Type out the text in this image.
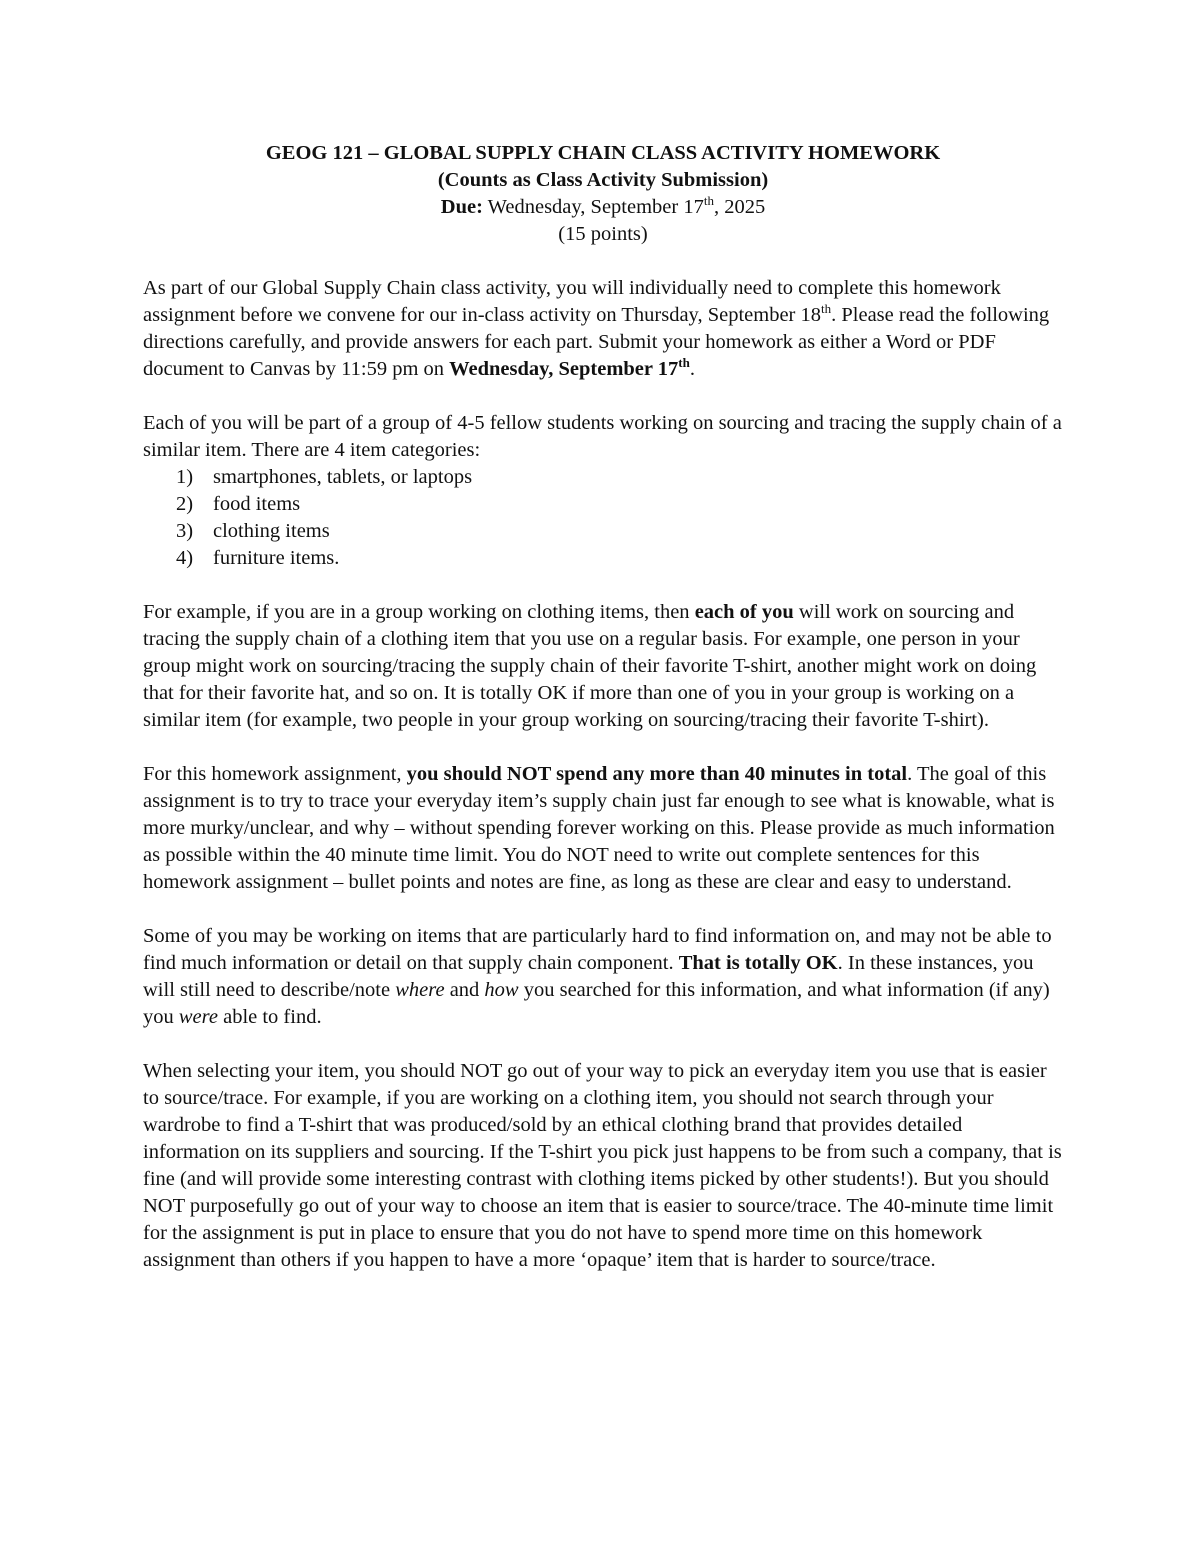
GEOG 121 – GLOBAL SUPPLY CHAIN CLASS ACTIVITY HOMEWORK
(Counts as Class Activity Submission)
Due: Wednesday, September 17th, 2025
(15 points)

As part of our Global Supply Chain class activity, you will individually need to complete this homework assignment before we convene for our in-class activity on Thursday, September 18th. Please read the following directions carefully, and provide answers for each part. Submit your homework as either a Word or PDF document to Canvas by 11:59 pm on Wednesday, September 17th.

Each of you will be part of a group of 4-5 fellow students working on sourcing and tracing the supply chain of a similar item. There are 4 item categories:

1) smartphones, tablets, or laptops
2) food items
3) clothing items
4) furniture items.

For example, if you are in a group working on clothing items, then each of you will work on sourcing and tracing the supply chain of a clothing item that you use on a regular basis. For example, one person in your group might work on sourcing/tracing the supply chain of their favorite T-shirt, another might work on doing that for their favorite hat, and so on. It is totally OK if more than one of you in your group is working on a similar item (for example, two people in your group working on sourcing/tracing their favorite T-shirt).

For this homework assignment, you should NOT spend any more than 40 minutes in total. The goal of this assignment is to try to trace your everyday item’s supply chain just far enough to see what is knowable, what is more murky/unclear, and why – without spending forever working on this. Please provide as much information as possible within the 40 minute time limit. You do NOT need to write out complete sentences for this homework assignment – bullet points and notes are fine, as long as these are clear and easy to understand.

Some of you may be working on items that are particularly hard to find information on, and may not be able to find much information or detail on that supply chain component. That is totally OK. In these instances, you will still need to describe/note where and how you searched for this information, and what information (if any) you were able to find.

When selecting your item, you should NOT go out of your way to pick an everyday item you use that is easier to source/trace. For example, if you are working on a clothing item, you should not search through your wardrobe to find a T-shirt that was produced/sold by an ethical clothing brand that provides detailed information on its suppliers and sourcing. If the T-shirt you pick just happens to be from such a company, that is fine (and will provide some interesting contrast with clothing items picked by other students!). But you should NOT purposefully go out of your way to choose an item that is easier to source/trace. The 40-minute time limit for the assignment is put in place to ensure that you do not have to spend more time on this homework assignment than others if you happen to have a more ‘opaque’ item that is harder to source/trace.
